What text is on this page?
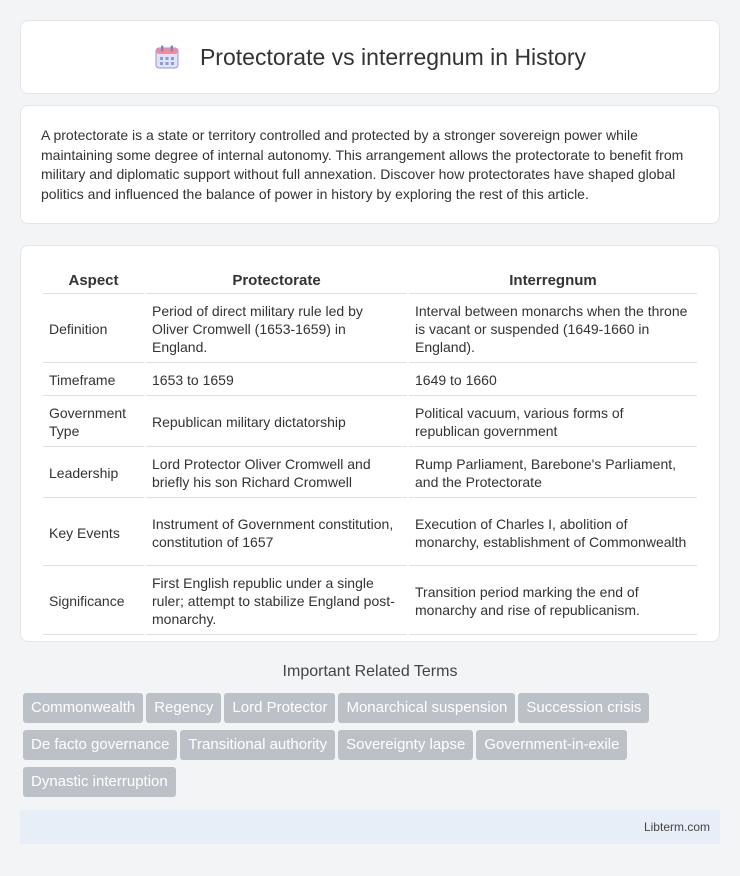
Protectorate vs interregnum in History

A protectorate is a state or territory controlled and protected by a stronger sovereign power while maintaining some degree of internal autonomy. This arrangement allows the protectorate to benefit from military and diplomatic support without full annexation. Discover how protectorates have shaped global politics and influenced the balance of power in history by exploring the rest of this article.

Aspect	Protectorate	Interregnum
Definition	Period of direct military rule led by Oliver Cromwell (1653-1659) in England.	Interval between monarchs when the throne is vacant or suspended (1649-1660 in England).
Timeframe	1653 to 1659	1649 to 1660
Government Type	Republican military dictatorship	Political vacuum, various forms of republican government
Leadership	Lord Protector Oliver Cromwell and briefly his son Richard Cromwell	Rump Parliament, Barebone's Parliament, and the Protectorate
Key Events	Instrument of Government constitution, constitution of 1657	Execution of Charles I, abolition of monarchy, establishment of Commonwealth
Significance	First English republic under a single ruler; attempt to stabilize England post-monarchy.	Transition period marking the end of monarchy and rise of republicanism.
Important Related Terms
Commonwealth	Regency	Lord Protector	Monarchical suspension	Succession crisis
De facto governance	Transitional authority	Sovereignty lapse	Government-in-exile
Dynastic interruption
Libterm.com
